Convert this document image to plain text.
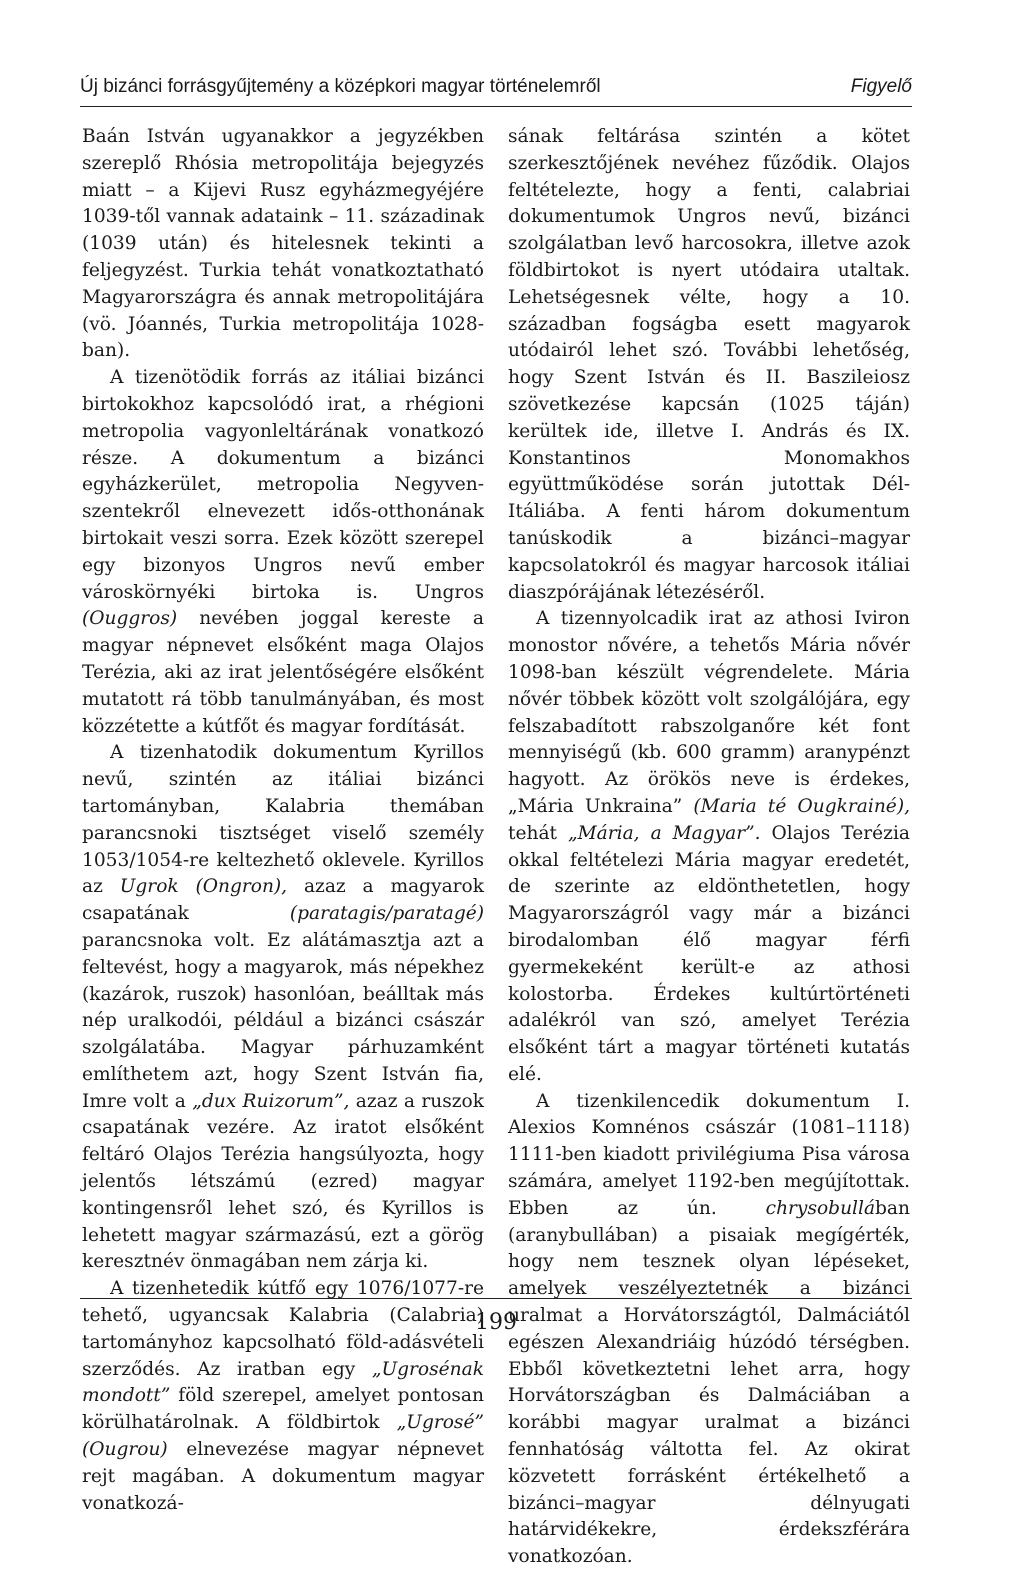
Új bizánci forrásgyűjtemény a középkori magyar történelemről	Figyelő

Baán István ugyanakkor a jegyzékben szereplő Rhósia metropolitája bejegyzés miatt – a Kijevi Rusz egyházmegyéjére 1039-től vannak adataink – 11. századinak (1039 után) és hitelesnek tekinti a feljegyzést. Turkia tehát vonatkoztatható Magyarországra és annak metropolitájára (vö. Jóannés, Turkia metropolitája 1028-ban).

A tizenötödik forrás az itáliai bizánci birtokokhoz kapcsolódó irat, a rhégioni metropolia vagyonleltárának vonatkozó része. A dokumentum a bizánci egyházkerület, metropolia Negyven-szentekről elnevezett idős-otthonának birtokait veszi sorra. Ezek között szerepel egy bizonyos Ungros nevű ember városkörnyéki birtoka is. Ungros (Ouggros) nevében joggal kereste a magyar népnevet elsőként maga Olajos Terézia, aki az irat jelentőségére elsőként mutatott rá több tanulmányában, és most közzétette a kútfőt és magyar fordítását.

A tizenhatodik dokumentum Kyrillos nevű, szintén az itáliai bizánci tartományban, Kalabria themában parancsnoki tisztséget viselő személy 1053/1054-re keltezhető oklevele. Kyrillos az Ugrok (Ongron), azaz a magyarok csapatának	(paratagis/paratagé) parancsnoka volt. Ez alátámasztja azt a feltevést, hogy a magyarok, más népekhez (kazárok, ruszok) hasonlóan, beálltak más nép uralkodói, például a bizánci császár szolgálatába. Magyar párhuzamként említhetem azt, hogy Szent István fia, Imre volt a „dux Ruizorum”, azaz a ruszok csapatának vezére. Az iratot elsőként feltáró Olajos Terézia hangsúlyozta, hogy jelentős létszámú (ezred) magyar kontingensről lehet szó, és Kyrillos is lehetett magyar származású, ezt a görög keresztnév önmagában nem zárja ki.

A tizenhetedik kútfő egy 1076/1077-re tehető, ugyancsak Kalabria (Calabria) tartományhoz kapcsolható föld-adásvételi szerződés. Az iratban egy „Ugrosénak mondott” föld szerepel, amelyet pontosan körülhatárolnak. A földbirtok „Ugrosé” (Ougrou) elnevezése magyar népnevet rejt magában. A dokumentum magyar vonatkozá-

sának feltárása szintén a kötet szerkesztőjének nevéhez fűződik. Olajos feltételezte, hogy a fenti, calabriai dokumentumok Ungros nevű, bizánci szolgálatban levő harcosokra, illetve azok földbirtokot is nyert utódaira utaltak. Lehetségesnek vélte, hogy a 10. században fogságba esett magyarok utódairól lehet szó. További lehetőség, hogy Szent István és II. Baszileiosz szövetkezése kapcsán (1025 táján) kerültek ide, illetve I. András és IX. Konstantinos Monomakhos együttműködése során jutottak Dél-Itáliába. A fenti három dokumentum tanúskodik a bizánci–magyar kapcsolatokról és magyar harcosok itáliai diaszpórájának létezéséről.

A tizennyolcadik irat az athosi Iviron monostor nővére, a tehetős Mária nővér 1098-ban készült végrendelete. Mária nővér többek között volt szolgálójára, egy felszabadított rabszolganőre két font mennyiségű (kb. 600 gramm) aranypénzt hagyott. Az örökös neve is érdekes, „Mária Unkraina” (Maria té Ougkrainé), tehát „Mária, a Magyar”. Olajos Terézia okkal feltételezi Mária magyar eredetét, de szerinte az eldönthetetlen, hogy Magyarországról vagy már a bizánci birodalomban élő magyar férfi gyermekeként került-e az athosi kolostorba. Érdekes kultúrtörténeti adalékról van szó, amelyet Terézia elsőként tárt a magyar történeti kutatás elé.

A tizenkilencedik dokumentum I. Alexios Komnénos császár (1081–1118) 1111-ben kiadott privilégiuma Pisa városa számára, amelyet 1192-ben megújítottak. Ebben az ún.	chrysobullában (aranybullában) a pisaiak megígérték, hogy nem tesznek olyan lépéseket, amelyek veszélyeztetnék a bizánci uralmat a Horvátországtól, Dalmáciától egészen Alexandriáig húzódó térségben. Ebből következtetni lehet arra, hogy Horvátországban és Dalmáciában a korábbi magyar uralmat a bizánci fennhatóság váltotta fel. Az okirat közvetett forrásként értékelhető a bizánci–magyar délnyugati határvidékekre, érdekszférára vonatkozóan.

199
